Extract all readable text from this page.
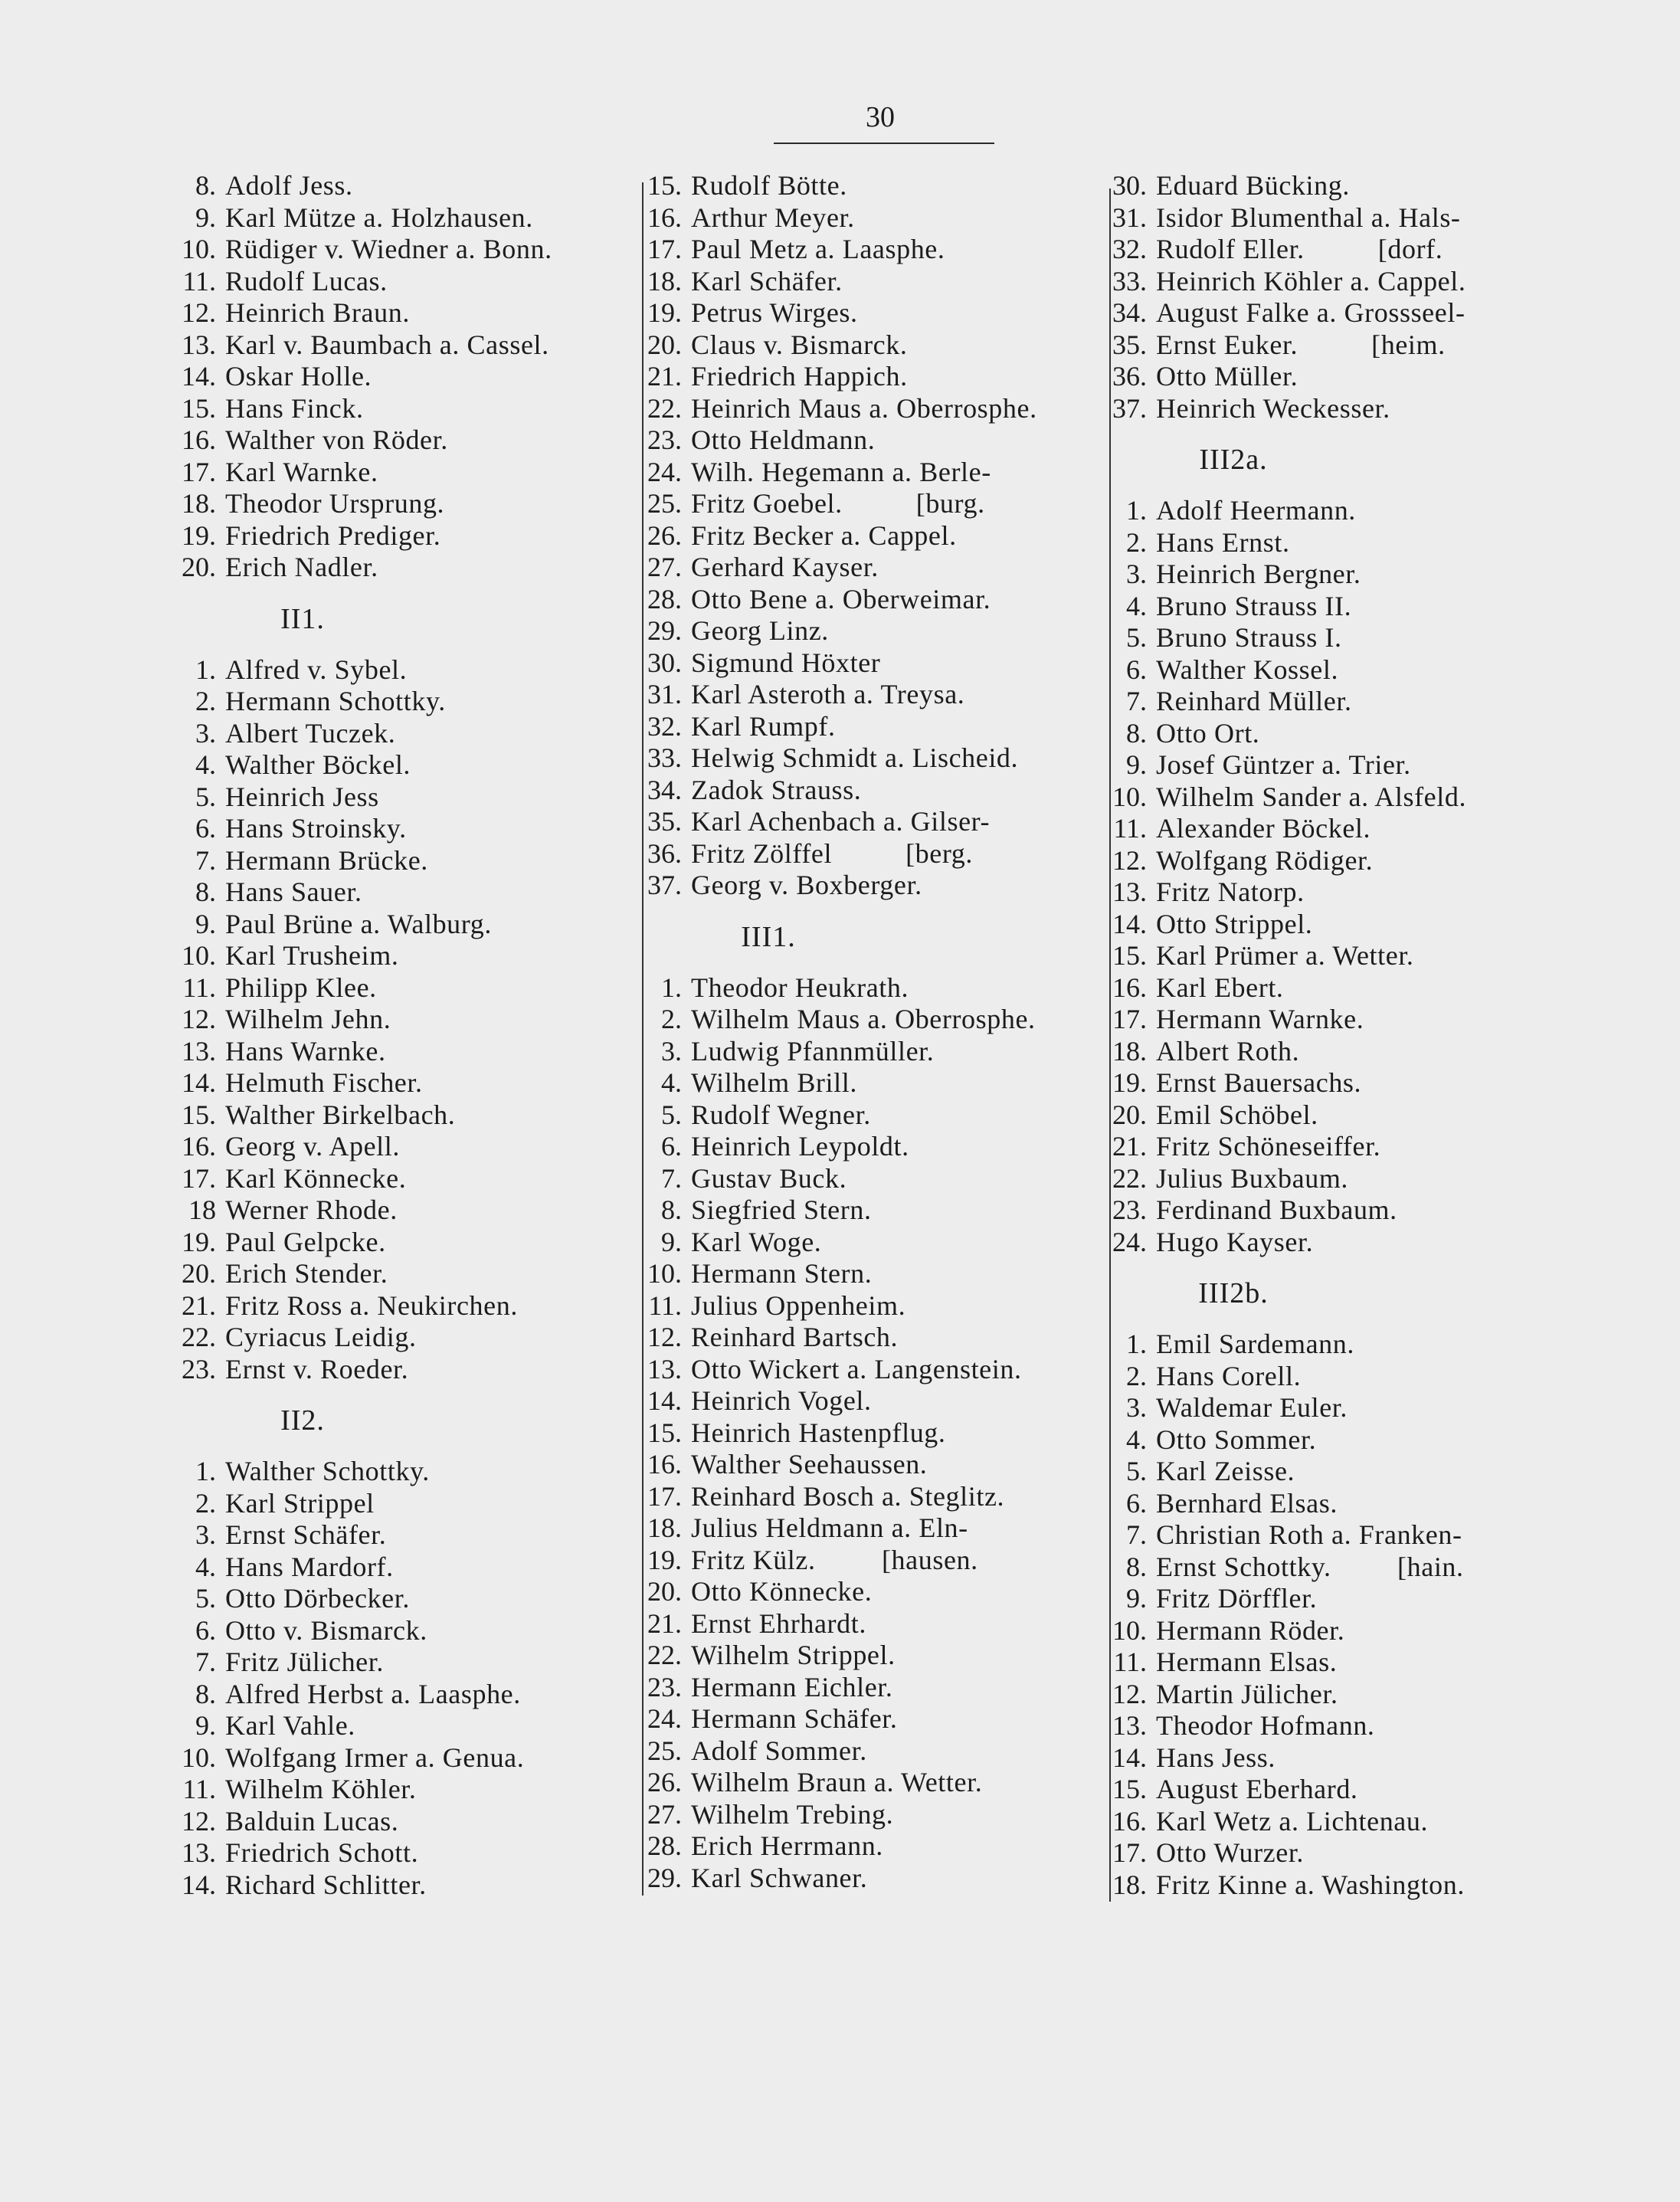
30
8. Adolf Jess.
9. Karl Mütze a. Holzhausen.
10. Rüdiger v. Wiedner a. Bonn.
11. Rudolf Lucas.
12. Heinrich Braun.
13. Karl v. Baumbach a. Cassel.
14. Oskar Holle.
15. Hans Finck.
16. Walther von Röder.
17. Karl Warnke.
18. Theodor Ursprung.
19. Friedrich Prediger.
20. Erich Nadler.
II1.
1. Alfred v. Sybel.
2. Hermann Schottky.
3. Albert Tuczek.
4. Walther Böckel.
5. Heinrich Jess
6. Hans Stroinsky.
7. Hermann Brücke.
8. Hans Sauer.
9. Paul Brüne a. Walburg.
10. Karl Trusheim.
11. Philipp Klee.
12. Wilhelm Jehn.
13. Hans Warnke.
14. Helmuth Fischer.
15. Walther Birkelbach.
16. Georg v. Apell.
17. Karl Könnecke.
18 Werner Rhode.
19. Paul Gelpcke.
20. Erich Stender.
21. Fritz Ross a. Neukirchen.
22. Cyriacus Leidig.
23. Ernst v. Roeder.
II2.
1. Walther Schottky.
2. Karl Strippel
3. Ernst Schäfer.
4. Hans Mardorf.
5. Otto Dörbecker.
6. Otto v. Bismarck.
7. Fritz Jülicher.
8. Alfred Herbst a. Laasphe.
9. Karl Vahle.
10. Wolfgang Irmer a. Genua.
11. Wilhelm Köhler.
12. Balduin Lucas.
13. Friedrich Schott.
14. Richard Schlitter.
15. Rudolf Bötte.
16. Arthur Meyer.
17. Paul Metz a. Laasphe.
18. Karl Schäfer.
19. Petrus Wirges.
20. Claus v. Bismarck.
21. Friedrich Happich.
22. Heinrich Maus a. Oberrosphe.
23. Otto Heldmann.
24. Wilh. Hegemann a. Berle-
25. Fritz Goebel.          [burg.
26. Fritz Becker a. Cappel.
27. Gerhard Kayser.
28. Otto Bene a. Oberweimar.
29. Georg Linz.
30. Sigmund Höxter
31. Karl Asteroth a. Treysa.
32. Karl Rumpf.
33. Helwig Schmidt a. Lischeid.
34. Zadok Strauss.
35. Karl Achenbach a. Gilser-
36. Fritz Zölffel          [berg.
37. Georg v. Boxberger.
III1.
1. Theodor Heukrath.
2. Wilhelm Maus a. Oberrosphe.
3. Ludwig Pfannmüller.
4. Wilhelm Brill.
5. Rudolf Wegner.
6. Heinrich Leypoldt.
7. Gustav Buck.
8. Siegfried Stern.
9. Karl Woge.
10. Hermann Stern.
11. Julius Oppenheim.
12. Reinhard Bartsch.
13. Otto Wickert a. Langenstein.
14. Heinrich Vogel.
15. Heinrich Hastenpflug.
16. Walther Seehaussen.
17. Reinhard Bosch a. Steglitz.
18. Julius Heldmann a. Eln-
19. Fritz Külz.         [hausen.
20. Otto Könnecke.
21. Ernst Ehrhardt.
22. Wilhelm Strippel.
23. Hermann Eichler.
24. Hermann Schäfer.
25. Adolf Sommer.
26. Wilhelm Braun a. Wetter.
27. Wilhelm Trebing.
28. Erich Herrmann.
29. Karl Schwaner.
30. Eduard Bücking.
31. Isidor Blumenthal a. Hals-
32. Rudolf Eller.          [dorf.
33. Heinrich Köhler a. Cappel.
34. August Falke a. Grossseel-
35. Ernst Euker.          [heim.
36. Otto Müller.
37. Heinrich Weckesser.
III2a.
1. Adolf Heermann.
2. Hans Ernst.
3. Heinrich Bergner.
4. Bruno Strauss II.
5. Bruno Strauss I.
6. Walther Kossel.
7. Reinhard Müller.
8. Otto Ort.
9. Josef Güntzer a. Trier.
10. Wilhelm Sander a. Alsfeld.
11. Alexander Böckel.
12. Wolfgang Rödiger.
13. Fritz Natorp.
14. Otto Strippel.
15. Karl Prümer a. Wetter.
16. Karl Ebert.
17. Hermann Warnke.
18. Albert Roth.
19. Ernst Bauersachs.
20. Emil Schöbel.
21. Fritz Schöneseiffer.
22. Julius Buxbaum.
23. Ferdinand Buxbaum.
24. Hugo Kayser.
III2b.
1. Emil Sardemann.
2. Hans Corell.
3. Waldemar Euler.
4. Otto Sommer.
5. Karl Zeisse.
6. Bernhard Elsas.
7. Christian Roth a. Franken-
8. Ernst Schottky.         [hain.
9. Fritz Dörffler.
10. Hermann Röder.
11. Hermann Elsas.
12. Martin Jülicher.
13. Theodor Hofmann.
14. Hans Jess.
15. August Eberhard.
16. Karl Wetz a. Lichtenau.
17. Otto Wurzer.
18. Fritz Kinne a. Washington.
